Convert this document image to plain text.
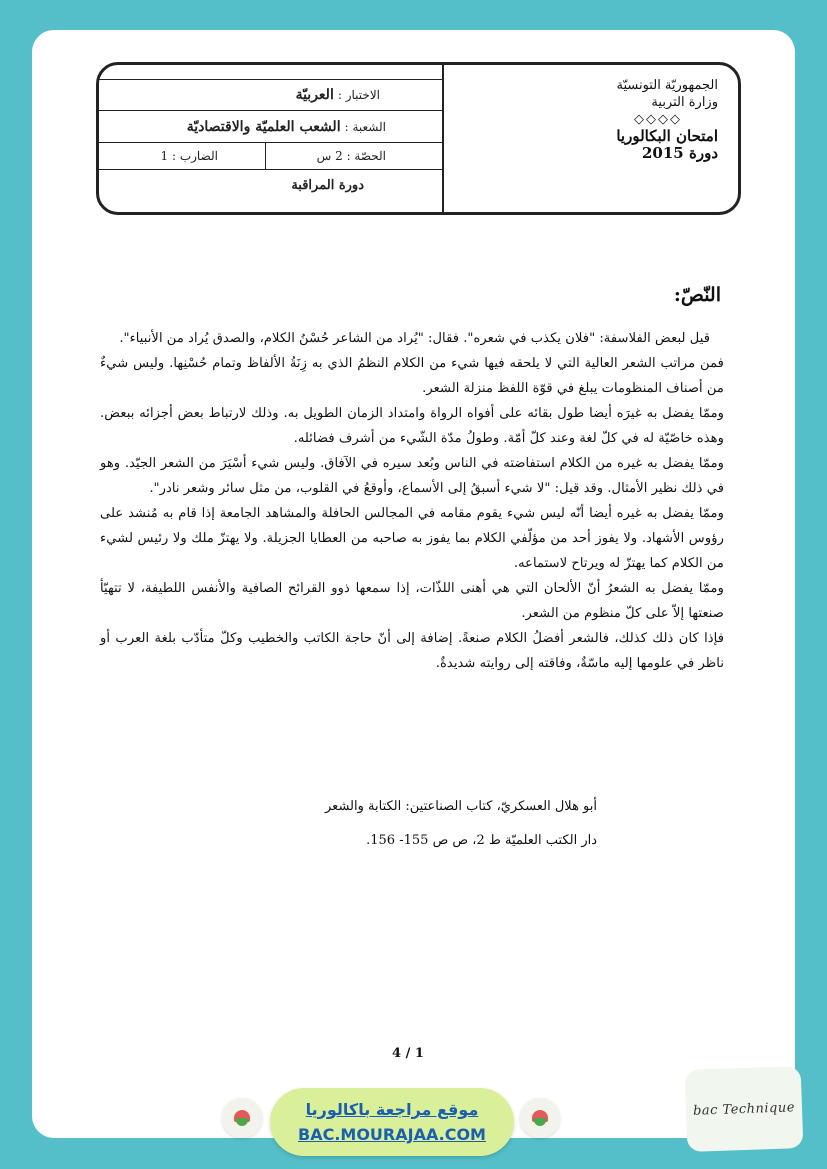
الجمهوريّة التونسيّة
وزارة التربية
◇◇◇◇
امتحان البكالوريا
دورة 2015
الاختبار :
العربيّة
الشعبة :
الشعب العلميّة والاقتصاديّة
الحصّة : 2 س
الضارب : 1
دورة المراقبة
النّصّ:

قيل لبعض الفلاسفة: "فلان يكذب في شعره". فقال: "يُراد من الشاعر حُسْنُ الكلام، والصدق يُراد من الأنبياء".

فمن مراتب الشعر العالية التي لا يلحقه فيها شيء من الكلام النظمُ الذي به زِنَةُ الألفاظ وتمام حُسْنِها. وليس شيءٌ من أصناف المنظومات يبلغ في قوّة اللفظ منزلة الشعر.

وممّا يفضل به غيرَه أيضا طول بقائه على أفواه الرواة وامتداد الزمان الطويل به. وذلك لارتباط بعض أجزائه ببعض. وهذه خاصّيّة له في كلّ لغة وعند كلّ أمّة. وطولُ مدّة الشّيء من أشرف فضائله.

وممّا يفضل به غيره من الكلام استفاضته في الناس وبُعد سيره في الآفاق. وليس شيء أسْيَرَ من الشعر الجيّد. وهو في ذلك نظير الأمثال. وقد قيل: "لا شيء أسبقُ إلى الأسماع، وأوقعُ في القلوب، من مثل سائر وشعر نادر".

وممّا يفضل به غيره أيضا أنّه ليس شيء يقوم مقامه في المجالس الحافلة والمشاهد الجامعة إذا قام به مُنشد على رؤوس الأشهاد. ولا يفوز أحد من مؤلّفي الكلام بما يفوز به صاحبه من العطايا الجزيلة. ولا يهتزّ ملك ولا رئيس لشيء من الكلام كما يهتزّ له ويرتاح لاستماعه.

وممّا يفضل به الشعرُ أنّ الألحان التي هي أهنى اللذّات، إذا سمعها ذوو القرائح الصافية والأنفس اللطيفة، لا تتهيّأ صنعتها إلاّ على كلّ منظوم من الشعر.

فإذا كان ذلك كذلك، فالشعر أفضلُ الكلام صنعةً. إضافة إلى أنّ حاجة الكاتب والخطيب وكلّ متأدّب بلغة العرب أو ناظر في علومها إليه ماسّةٌ، وفاقته إلى روايته شديدةٌ.

أبو هلال العسكريّ، كتاب الصناعتين: الكتابة والشعر
دار الكتب العلميّة ط 2، ص ص 155- 156.
4 / 1
موقع مراجعة باكالوريا
BAC.MOURAJAA.COM
bac Technique
